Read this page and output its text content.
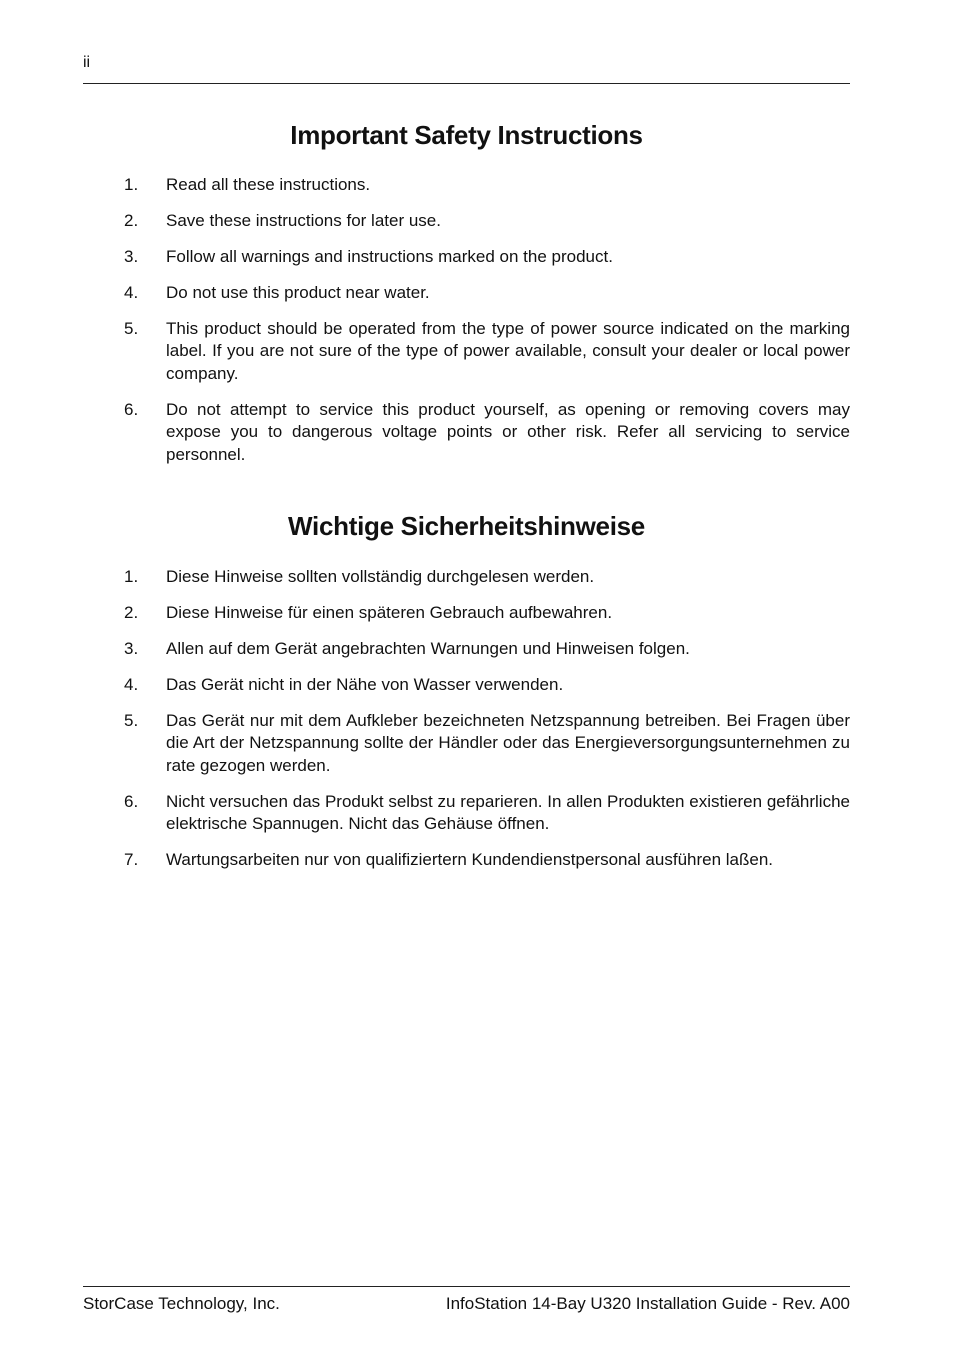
ii
Important Safety Instructions
1. Read all these instructions.
2. Save these instructions for later use.
3. Follow all warnings and instructions marked on the product.
4. Do not use this product near water.
5. This product should be operated from the type of power source indicated on the marking label. If you are not sure of the type of power available, consult your dealer or local power company.
6. Do not attempt to service this product yourself, as opening or removing covers may expose you to dangerous voltage points or other risk. Refer all servicing to service personnel.
Wichtige Sicherheitshinweise
1. Diese Hinweise sollten vollständig durchgelesen werden.
2. Diese Hinweise für einen späteren Gebrauch aufbewahren.
3. Allen auf dem Gerät angebrachten Warnungen und Hinweisen folgen.
4. Das Gerät nicht in der Nähe von Wasser verwenden.
5. Das Gerät nur mit dem Aufkleber bezeichneten Netzspannung betreiben. Bei Fragen über die Art der Netzspannung sollte der Händler oder das Energieversorgungsunternehmen zu rate gezogen werden.
6. Nicht versuchen das Produkt selbst zu reparieren. In allen Produkten existieren gefährliche elektrische Spannugen. Nicht das Gehäuse öffnen.
7. Wartungsarbeiten nur von qualifiziertern Kundendienstpersonal ausführen laßen.
StorCase Technology, Inc.	InfoStation 14-Bay U320 Installation Guide - Rev. A00
